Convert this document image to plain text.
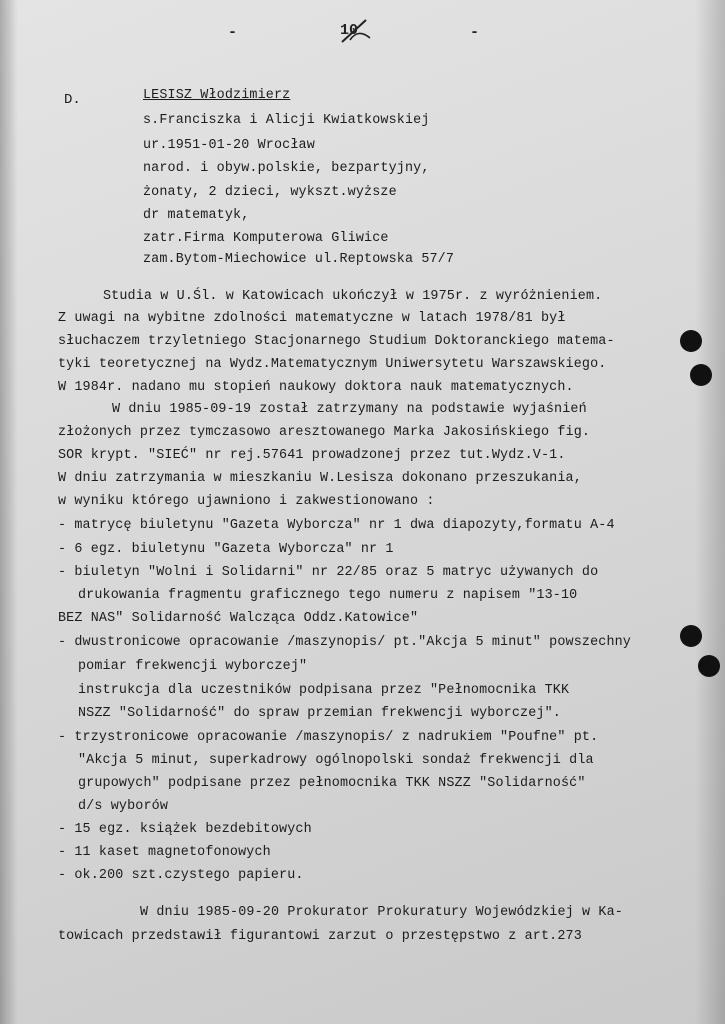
-	10	-
D.	LESISZ Włodzimierz
s.Franciszka i Alicji Kwiatkowskiej
ur.1951-01-20 Wrocław
narod. i obyw.polskie, bezpartyjny,
żonaty, 2 dzieci, wykszt.wyższe
dr matematyk,
zatr.Firma Komputerowa Gliwice
zam.Bytom-Miechowice ul.Reptowska 57/7
Studia w U.Śl. w Katowicach ukończył w 1975r. z wyróżnieniem.
Z uwagi na wybitne zdolności matematyczne w latach 1978/81 był
słuchaczem trzyletniego Stacjonarnego Studium Doktoranckiego matema-
tyki teoretycznej na Wydz.Matematycznym Uniwersytetu Warszawskiego.
W 1984r. nadano mu stopień naukowy doktora nauk matematycznych.
W dniu 1985-09-19 został zatrzymany na podstawie wyjaśnień
złożonych przez tymczasowo aresztowanego Marka Jakosińskiego fig.
SOR krypt. "SIEĆ" nr rej.57641 prowadzonej przez tut.Wydz.V-1.
W dniu zatrzymania w mieszkaniu W.Lesisza dokonano przeszukania,
w wyniku którego ujawniono i zakwestionowano :
- matrycę biuletynu "Gazeta Wyborcza" nr 1 dwa diapozyty,formatu A-4
- 6 egz. biuletynu "Gazeta Wyborcza" nr 1
- biuletyn "Wolni i Solidarni" nr 22/85 oraz 5 matryc używanych do
drukowania fragmentu graficznego tego numeru z napisem "13-10
BEZ NAS" Solidarność Walcząca Oddz.Katowice"
- dwustronicowe opracowanie /maszynopis/ pt."Akcja 5 minut" powszechny
pomiar frekwencji wyborczej"
instrukcja dla uczestników podpisana przez "Pełnomocnika TKK
NSZZ "Solidarność" do spraw przemian frekwencji wyborczej".
- trzystronicowe opracowanie /maszynopis/ z nadrukiem "Poufne" pt.
"Akcja 5 minut, superkadrowy ogólnopolski sondaż frekwencji dla
grupowych" podpisane przez pełnomocnika TKK NSZZ "Solidarność"
d/s wyborów
- 15 egz. książek bezdebitowych
- 11 kaset magnetofonowych
- ok.200 szt.czystego papieru.
W dniu 1985-09-20 Prokurator Prokuratury Wojewódzkiej w Ka-
towicach przedstawił figurantowi zarzut o przestępstwo z art.273
